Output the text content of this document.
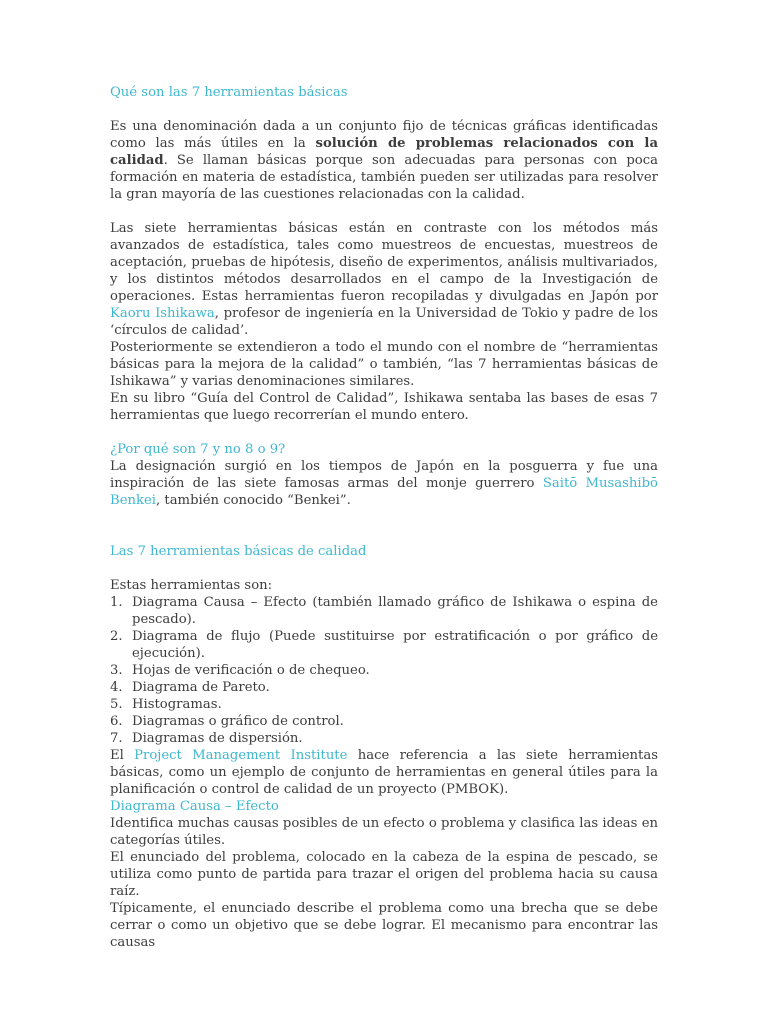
Qué son las 7 herramientas básicas

Es una denominación dada a un conjunto fijo de técnicas gráficas identificadas como las más útiles en la solución de problemas relacionados con la calidad. Se llaman básicas porque son adecuadas para personas con poca formación en materia de estadística, también pueden ser utilizadas para resolver la gran mayoría de las cuestiones relacionadas con la calidad.

Las siete herramientas básicas están en contraste con los métodos más avanzados de estadística, tales como muestreos de encuestas, muestreos de aceptación, pruebas de hipótesis, diseño de experimentos, análisis multivariados, y los distintos métodos desarrollados en el campo de la Investigación de operaciones. Estas herramientas fueron recopiladas y divulgadas en Japón por Kaoru Ishikawa, profesor de ingeniería en la Universidad de Tokio y padre de los ‘círculos de calidad’.

Posteriormente se extendieron a todo el mundo con el nombre de “herramientas básicas para la mejora de la calidad” o también, “las 7 herramientas básicas de Ishikawa” y varias denominaciones similares.

En su libro “Guía del Control de Calidad”, Ishikawa sentaba las bases de esas 7 herramientas que luego recorrerían el mundo entero.

¿Por qué son 7 y no 8 o 9?

La designación surgió en los tiempos de Japón en la posguerra y fue una inspiración de las siete famosas armas del monje guerrero Saitō Musashibō Benkei, también conocido “Benkei”.

Las 7 herramientas básicas de calidad

Estas herramientas son:

1. Diagrama Causa – Efecto (también llamado gráfico de Ishikawa o espina de pescado).
2. Diagrama de flujo (Puede sustituirse por estratificación o por gráfico de ejecución).
3. Hojas de verificación o de chequeo.
4. Diagrama de Pareto.
5. Histogramas.
6. Diagramas o gráfico de control.
7. Diagramas de dispersión.

El Project Management Institute hace referencia a las siete herramientas básicas, como un ejemplo de conjunto de herramientas en general útiles para la planificación o control de calidad de un proyecto (PMBOK).

Diagrama Causa – Efecto

Identifica muchas causas posibles de un efecto o problema y clasifica las ideas en categorías útiles.

El enunciado del problema, colocado en la cabeza de la espina de pescado, se utiliza como punto de partida para trazar el origen del problema hacia su causa raíz.

Típicamente, el enunciado describe el problema como una brecha que se debe cerrar o como un objetivo que se debe lograr. El mecanismo para encontrar las causas
